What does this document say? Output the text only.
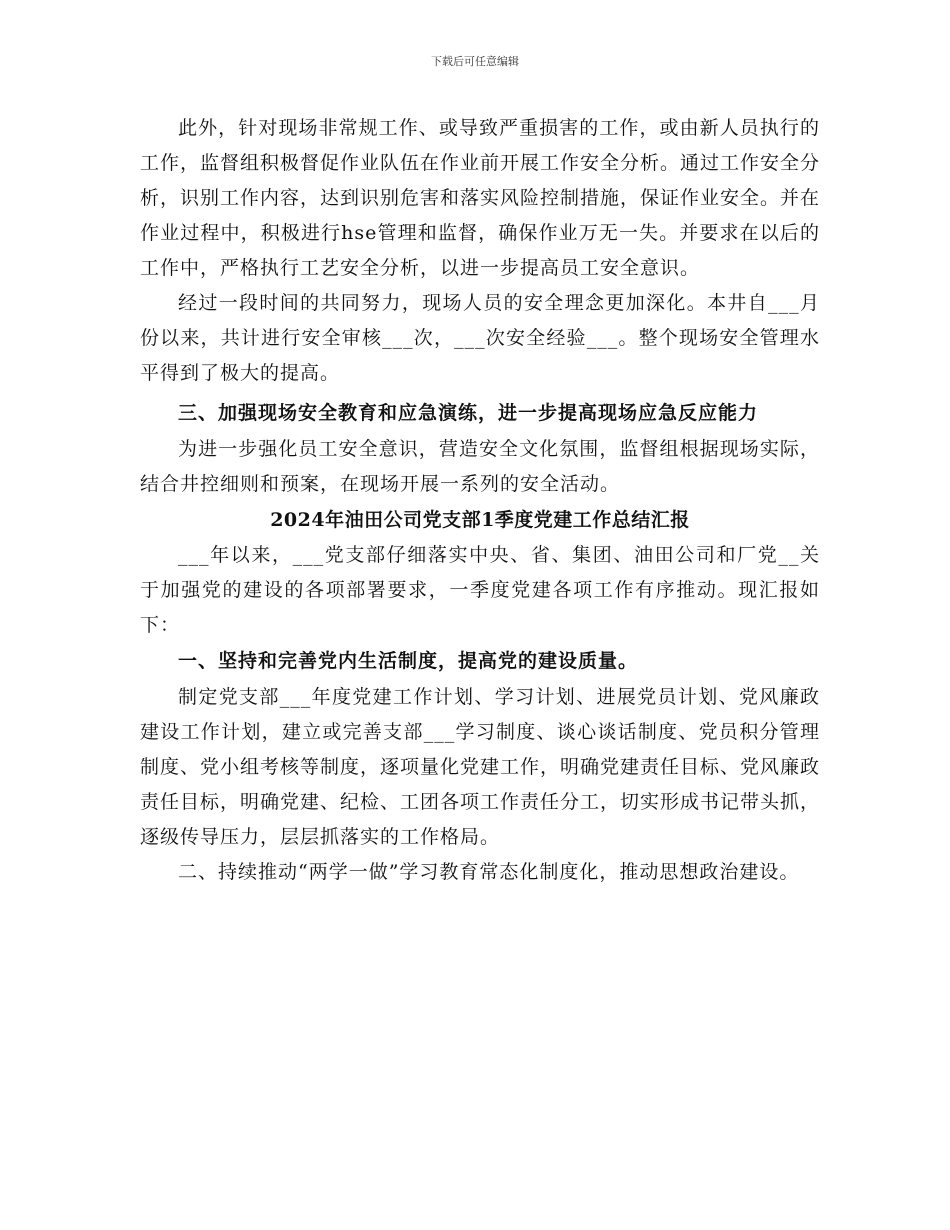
下载后可任意编辑

此外，针对现场非常规工作、或导致严重损害的工作，或由新人员执行的工作，监督组积极督促作业队伍在作业前开展工作安全分析。通过工作安全分析，识别工作内容，达到识别危害和落实风险控制措施，保证作业安全。并在作业过程中，积极进行hse管理和监督，确保作业万无一失。并要求在以后的工作中，严格执行工艺安全分析，以进一步提高员工安全意识。

经过一段时间的共同努力，现场人员的安全理念更加深化。本井自___月份以来，共计进行安全审核___次，___次安全经验___。整个现场安全管理水平得到了极大的提高。

三、加强现场安全教育和应急演练，进一步提高现场应急反应能力

为进一步强化员工安全意识，营造安全文化氛围，监督组根据现场实际，结合井控细则和预案，在现场开展一系列的安全活动。

2024年油田公司党支部1季度党建工作总结汇报

___年以来，___党支部仔细落实中央、省、集团、油田公司和厂党__关于加强党的建设的各项部署要求，一季度党建各项工作有序推动。现汇报如下：

一、坚持和完善党内生活制度，提高党的建设质量。

制定党支部___年度党建工作计划、学习计划、进展党员计划、党风廉政建设工作计划，建立或完善支部___学习制度、谈心谈话制度、党员积分管理制度、党小组考核等制度，逐项量化党建工作，明确党建责任目标、党风廉政责任目标，明确党建、纪检、工团各项工作责任分工，切实形成书记带头抓，逐级传导压力，层层抓落实的工作格局。

二、持续推动“两学一做”学习教育常态化制度化，推动思想政治建设。
